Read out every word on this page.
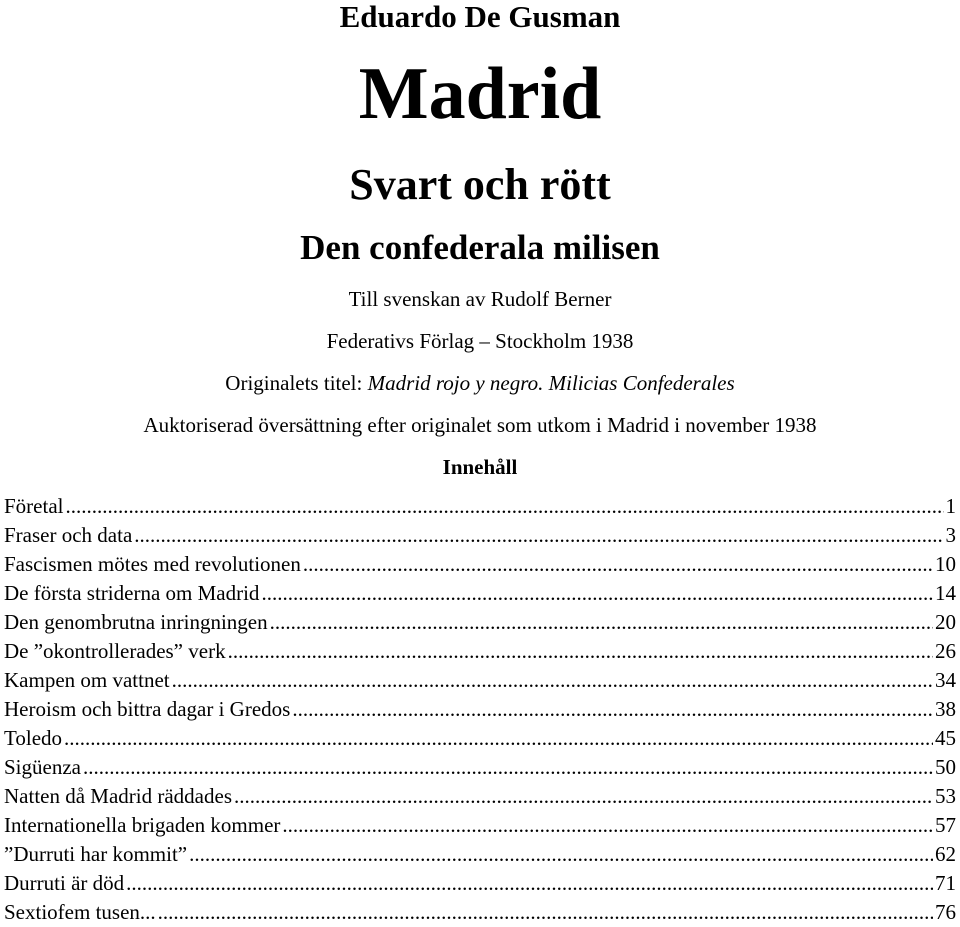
Eduardo De Gusman
Madrid
Svart och rött
Den confederala milisen
Till svenskan av Rudolf Berner
Federativs Förlag – Stockholm 1938
Originalets titel: Madrid rojo y negro. Milicias Confederales
Auktoriserad översättning efter originalet som utkom i Madrid i november 1938
Innehåll
Företal .....	1
Fraser och data .....	3
Fascismen mötes med revolutionen .....	10
De första striderna om Madrid .....	14
Den genombrutna inringningen .....	20
De ”okontrollerades” verk .....	26
Kampen om vattnet .....	34
Heroism och bittra dagar i Gredos .....	38
Toledo .....	45
Sigüenza .....	50
Natten då Madrid räddades .....	53
Internationella brigaden kommer .....	57
”Durruti har kommit” .....	62
Durruti är död .....	71
Sextiofem tusen... .....	76
